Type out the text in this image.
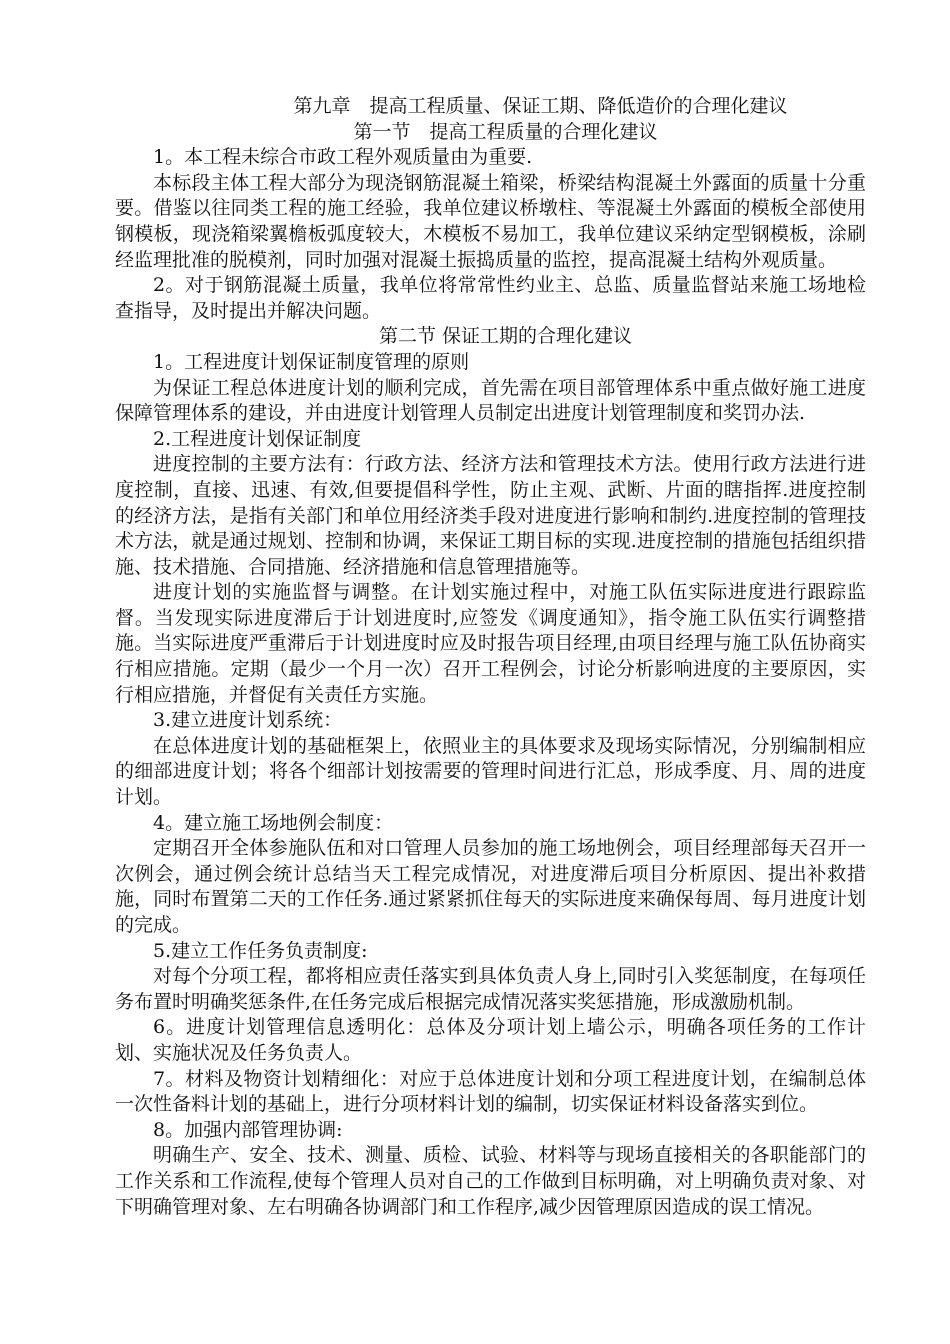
第九章　提高工程质量、保证工期、降低造价的合理化建议

第一节　提高工程质量的合理化建议

1。本工程未综合市政工程外观质量由为重要.

本标段主体工程大部分为现浇钢筋混凝土箱梁，桥梁结构混凝土外露面的质量十分重要。借鉴以往同类工程的施工经验，我单位建议桥墩柱、等混凝土外露面的模板全部使用钢模板，现浇箱梁翼檐板弧度较大，木模板不易加工，我单位建议采纳定型钢模板，涂刷经监理批准的脱模剂，同时加强对混凝土振捣质量的监控，提高混凝土结构外观质量。

2。对于钢筋混凝土质量，我单位将常常性约业主、总监、质量监督站来施工场地检查指导，及时提出并解决问题。

第二节 保证工期的合理化建议

1。工程进度计划保证制度管理的原则

为保证工程总体进度计划的顺利完成，首先需在项目部管理体系中重点做好施工进度保障管理体系的建设，并由进度计划管理人员制定出进度计划管理制度和奖罚办法.

2.工程进度计划保证制度

进度控制的主要方法有：行政方法、经济方法和管理技术方法。使用行政方法进行进度控制，直接、迅速、有效,但要提倡科学性，防止主观、武断、片面的瞎指挥.进度控制的经济方法，是指有关部门和单位用经济类手段对进度进行影响和制约.进度控制的管理技术方法，就是通过规划、控制和协调，来保证工期目标的实现.进度控制的措施包括组织措施、技术措施、合同措施、经济措施和信息管理措施等。

进度计划的实施监督与调整。在计划实施过程中，对施工队伍实际进度进行跟踪监督。当发现实际进度滞后于计划进度时,应签发《调度通知》，指令施工队伍实行调整措施。当实际进度严重滞后于计划进度时应及时报告项目经理,由项目经理与施工队伍协商实行相应措施。定期（最少一个月一次）召开工程例会，讨论分析影响进度的主要原因，实行相应措施，并督促有关责任方实施。

3.建立进度计划系统：

在总体进度计划的基础框架上，依照业主的具体要求及现场实际情况，分别编制相应的细部进度计划；将各个细部计划按需要的管理时间进行汇总，形成季度、月、周的进度计划。

4。建立施工场地例会制度：

定期召开全体参施队伍和对口管理人员参加的施工场地例会，项目经理部每天召开一次例会，通过例会统计总结当天工程完成情况，对进度滞后项目分析原因、提出补救措施，同时布置第二天的工作任务.通过紧紧抓住每天的实际进度来确保每周、每月进度计划的完成。

5.建立工作任务负责制度:

对每个分项工程，都将相应责任落实到具体负责人身上,同时引入奖惩制度，在每项任务布置时明确奖惩条件,在任务完成后根据完成情况落实奖惩措施，形成激励机制。

6。进度计划管理信息透明化：总体及分项计划上墙公示，明确各项任务的工作计划、实施状况及任务负责人。

7。材料及物资计划精细化：对应于总体进度计划和分项工程进度计划，在编制总体一次性备料计划的基础上，进行分项材料计划的编制，切实保证材料设备落实到位。

8。加强内部管理协调:

明确生产、安全、技术、测量、质检、试验、材料等与现场直接相关的各职能部门的工作关系和工作流程,使每个管理人员对自己的工作做到目标明确，对上明确负责对象、对下明确管理对象、左右明确各协调部门和工作程序,减少因管理原因造成的误工情况。
